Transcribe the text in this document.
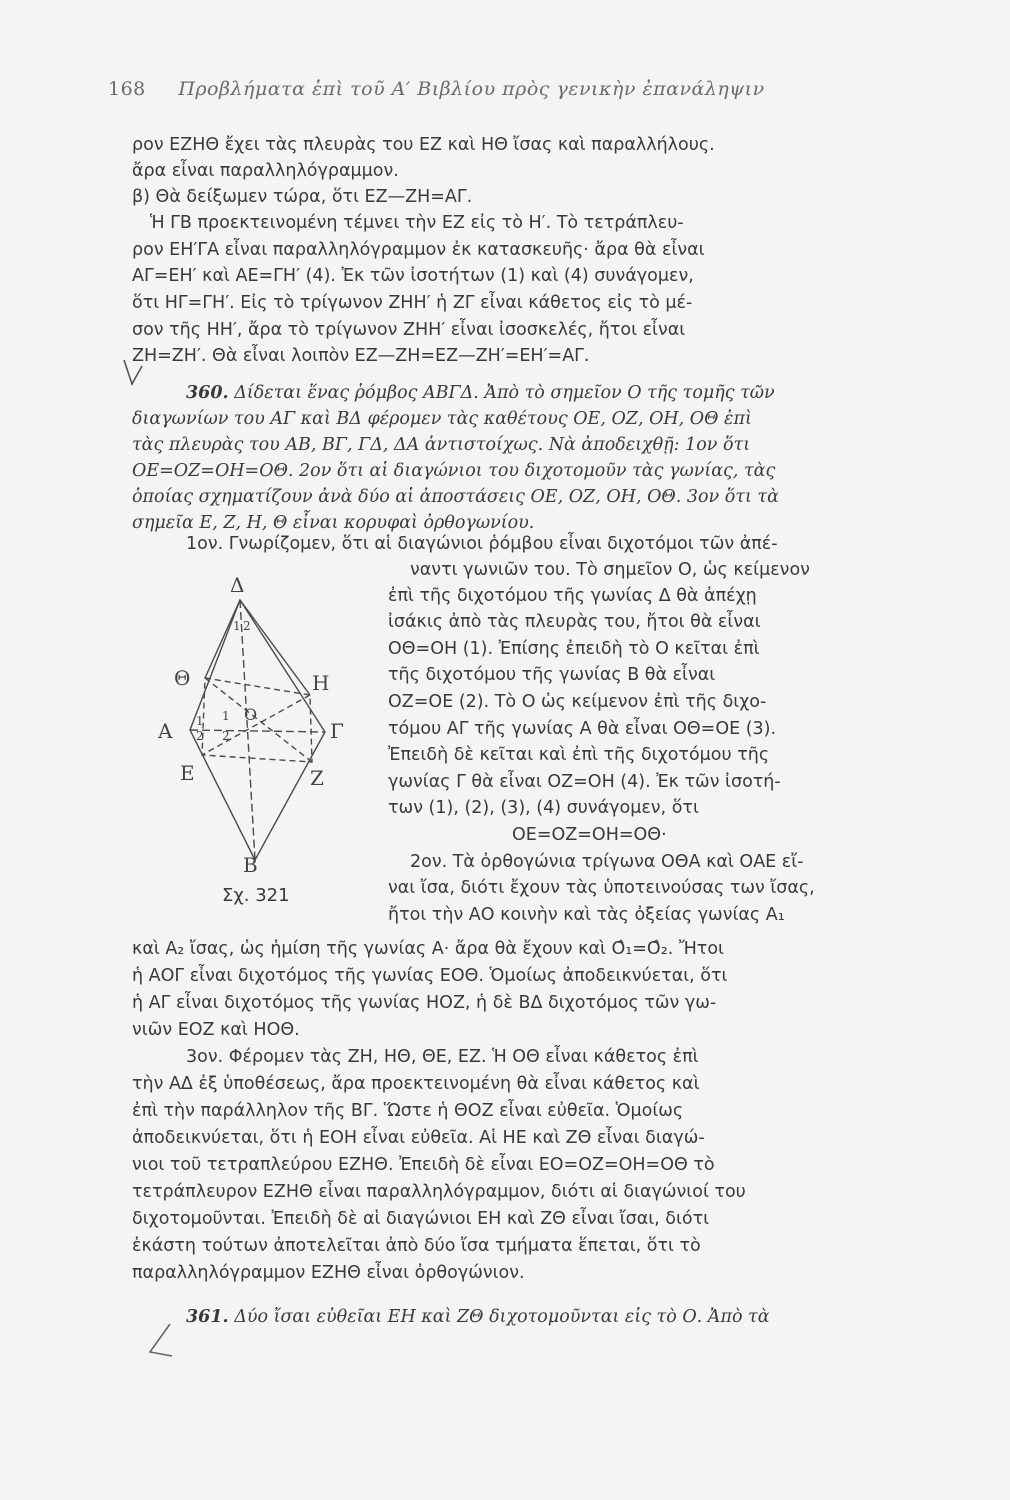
168 Προβλήματα ἐπὶ τοῦ Α′ Βιβλίου πρὸς γενικὴν ἐπανάληψιν
ρον ΕΖΗΘ ἔχει τὰς πλευρὰς του ΕΖ καὶ ΗΘ ἴσας καὶ παραλλήλους.
ἄρα εἶναι παραλληλόγραμμον.
β) Θὰ δείξωμεν τώρα, ὅτι ΕΖ—ΖΗ=ΑΓ.
Ἡ ΓΒ προεκτεινομένη τέμνει τὴν ΕΖ εἰς τὸ Η′. Τὸ τετράπλευ-
ρον ΕΗ′ΓΑ εἶναι παραλληλόγραμμον ἐκ κατασκευῆς· ἄρα θὰ εἶναι
ΑΓ=ΕΗ′ καὶ ΑΕ=ΓΗ′ (4). Ἐκ τῶν ἰσοτήτων (1) καὶ (4) συνάγομεν,
ὅτι ΗΓ=ΓΗ′. Εἰς τὸ τρίγωνον ΖΗΗ′ ἡ ΖΓ εἶναι κάθετος εἰς τὸ μέ-
σον τῆς ΗΗ′, ἄρα τὸ τρίγωνον ΖΗΗ′ εἶναι ἰσοσκελές, ἤτοι εἶναι
ΖΗ=ΖΗ′. Θὰ εἶναι λοιπὸν ΕΖ—ΖΗ=ΕΖ—ΖΗ′=ΕΗ′=ΑΓ.
360. Δίδεται ἕνας ῥόμβος ΑΒΓΔ. Ἀπὸ τὸ σημεῖον Ο τῆς τομῆς τῶν
διαγωνίων του ΑΓ καὶ ΒΔ φέρομεν τὰς καθέτους ΟΕ, ΟΖ, ΟΗ, ΟΘ ἐπὶ
τὰς πλευρὰς του ΑΒ, ΒΓ, ΓΔ, ΔΑ ἀντιστοίχως. Νὰ ἀποδειχθῇ: 1ον ὅτι
ΟΕ=ΟΖ=ΟΗ=ΟΘ. 2ον ὅτι αἱ διαγώνιοι του διχοτομοῦν τὰς γωνίας, τὰς
ὁποίας σχηματίζουν ἀνὰ δύο αἱ ἀποστάσεις ΟΕ, ΟΖ, ΟΗ, ΟΘ. 3ον ὅτι τὰ
σημεῖα Ε, Ζ, Η, Θ εἶναι κορυφαὶ ὀρθογωνίου.
1ον. Γνωρίζομεν, ὅτι αἱ διαγώνιοι ῥόμβου εἶναι διχοτόμοι τῶν ἀπέ-
ναντι γωνιῶν του. Τὸ σημεῖον Ο, ὡς κείμενον
ἐπὶ τῆς διχοτόμου τῆς γωνίας Δ θὰ ἀπέχῃ
ἰσάκις ἀπὸ τὰς πλευρὰς του, ἤτοι θὰ εἶναι
ΟΘ=ΟΗ (1). Ἐπίσης ἐπειδὴ τὸ Ο κεῖται ἐπὶ
τῆς διχοτόμου τῆς γωνίας Β θὰ εἶναι
ΟΖ=ΟΕ (2). Τὸ Ο ὡς κείμενον ἐπὶ τῆς διχο-
τόμου ΑΓ τῆς γωνίας Α θὰ εἶναι ΟΘ=ΟΕ (3).
Ἐπειδὴ δὲ κεῖται καὶ ἐπὶ τῆς διχοτόμου τῆς
γωνίας Γ θὰ εἶναι ΟΖ=ΟΗ (4). Ἐκ τῶν ἰσοτή-
των (1), (2), (3), (4) συνάγομεν, ὅτι
ΟΕ=ΟΖ=ΟΗ=ΟΘ·
2ον. Τὰ ὀρθογώνια τρίγωνα ΟΘΑ καὶ ΟΑΕ εἴ-
ναι ἴσα, διότι ἔχουν τὰς ὑποτεινούσας των ἴσας,
ἤτοι τὴν ΑΟ κοινὴν καὶ τὰς ὀξείας γωνίας Α₁
Σχ. 321
Δ
Β
Α	Γ
Θ	Η
Ε	Ζ
Ο
1 2
1
2
1
2
καὶ Α₂ ἴσας, ὡς ἡμίση τῆς γωνίας Α· ἄρα θὰ ἔχουν καὶ Ο̂₁=Ο̂₂. Ἤτοι
ἡ ΑΟΓ εἶναι διχοτόμος τῆς γωνίας ΕΟΘ. Ὁμοίως ἀποδεικνύεται, ὅτι
ἡ ΑΓ εἶναι διχοτόμος τῆς γωνίας ΗΟΖ, ἡ δὲ ΒΔ διχοτόμος τῶν γω-
νιῶν ΕΟΖ καὶ ΗΟΘ.
3ον. Φέρομεν τὰς ΖΗ, ΗΘ, ΘΕ, ΕΖ. Ἡ ΟΘ εἶναι κάθετος ἐπὶ
τὴν ΑΔ ἐξ ὑποθέσεως, ἄρα προεκτεινομένη θὰ εἶναι κάθετος καὶ
ἐπὶ τὴν παράλληλον τῆς ΒΓ. Ὥστε ἡ ΘΟΖ εἶναι εὐθεῖα. Ὁμοίως
ἀποδεικνύεται, ὅτι ἡ ΕΟΗ εἶναι εὐθεῖα. Αἱ ΗΕ καὶ ΖΘ εἶναι διαγώ-
νιοι τοῦ τετραπλεύρου ΕΖΗΘ. Ἐπειδὴ δὲ εἶναι ΕΟ=ΟΖ=ΟΗ=ΟΘ τὸ
τετράπλευρον ΕΖΗΘ εἶναι παραλληλόγραμμον, διότι αἱ διαγώνιοί του
διχοτομοῦνται. Ἐπειδὴ δὲ αἱ διαγώνιοι ΕΗ καὶ ΖΘ εἶναι ἴσαι, διότι
ἑκάστη τούτων ἀποτελεῖται ἀπὸ δύο ἴσα τμήματα ἕπεται, ὅτι τὸ
παραλληλόγραμμον ΕΖΗΘ εἶναι ὀρθογώνιον.
361. Δύο ἴσαι εὐθεῖαι ΕΗ καὶ ΖΘ διχοτομοῦνται εἰς τὸ Ο. Ἀπὸ τὰ
